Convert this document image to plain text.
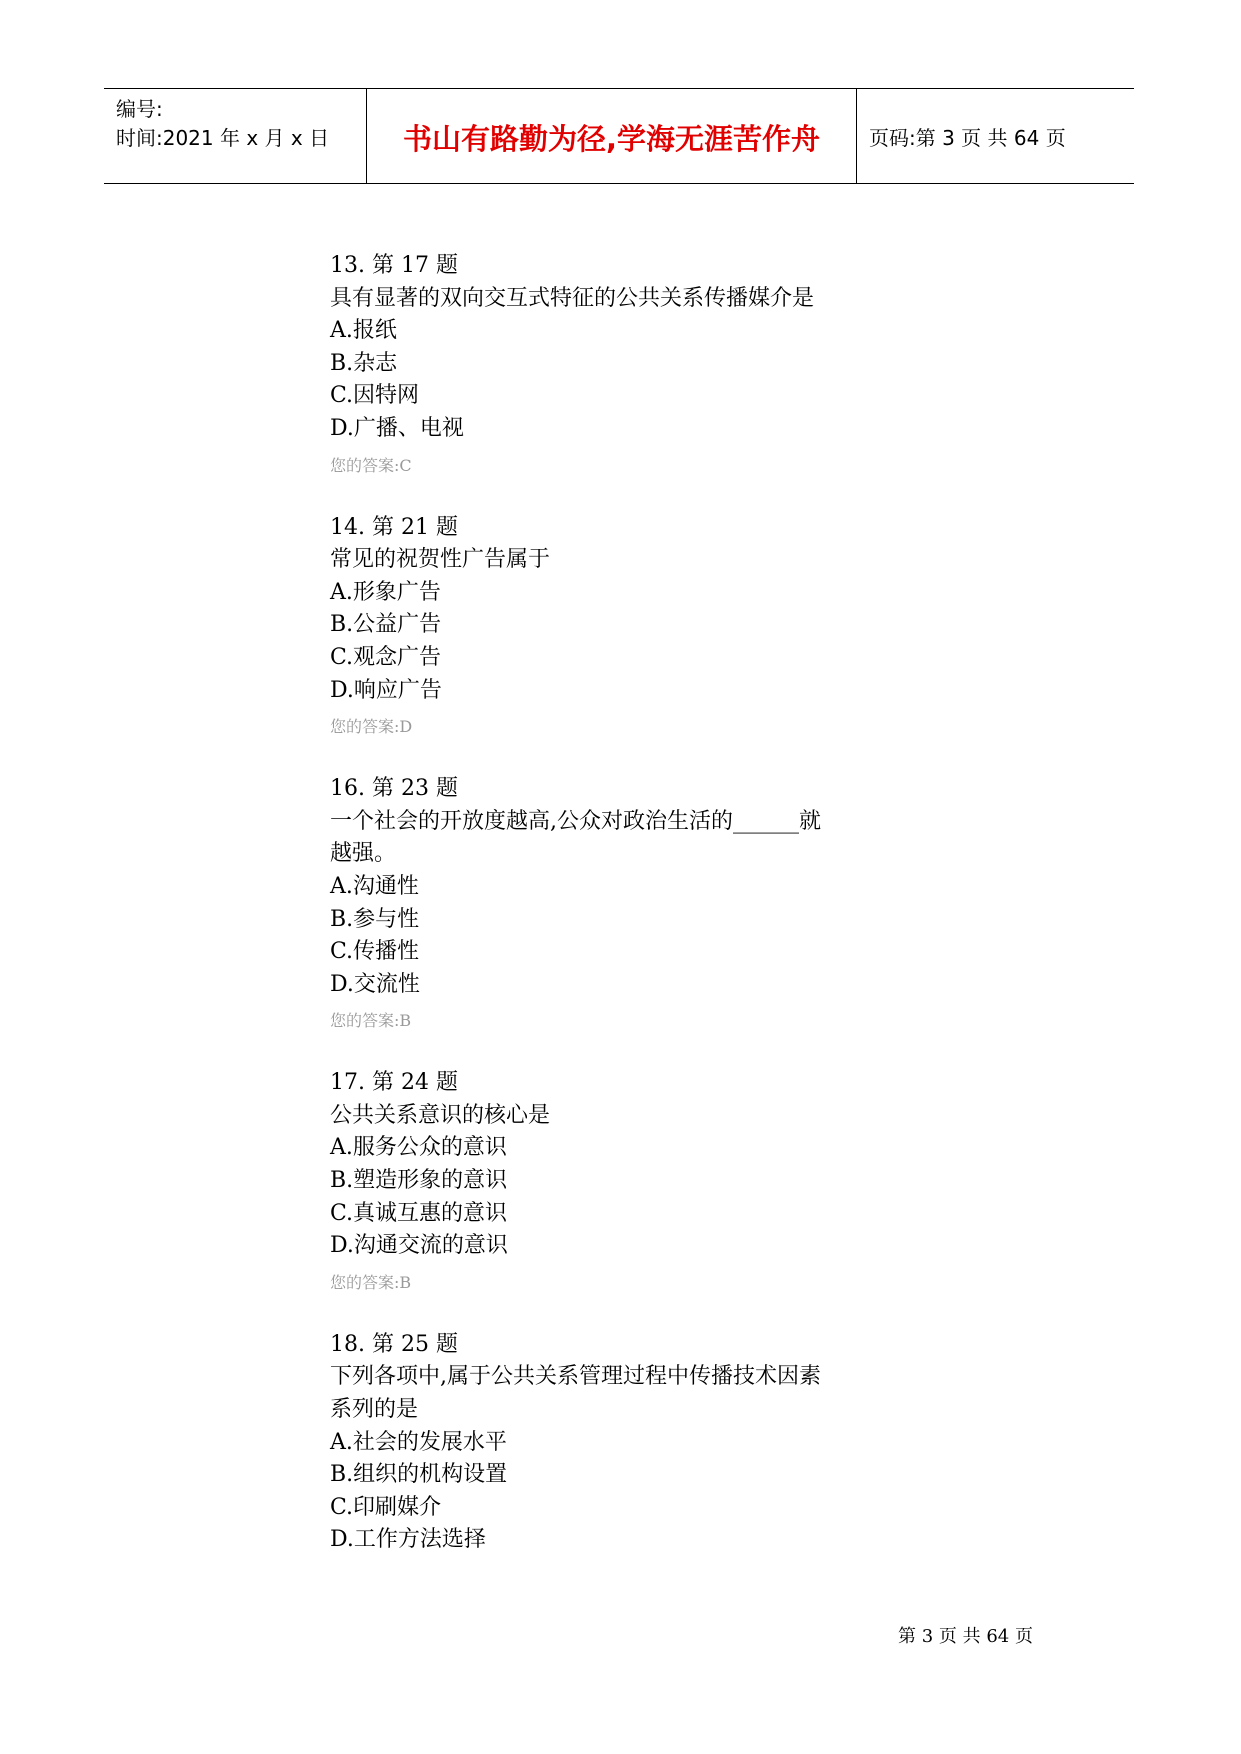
编号:
时间:2021 年 x 月 x 日	书山有路勤为径,学海无涯苦作舟	页码:第 3 页 共 64 页
13. 第 17 题
具有显著的双向交互式特征的公共关系传播媒介是
A.报纸
B.杂志
C.因特网
D.广播、电视
您的答案:C
14. 第 21 题
常见的祝贺性广告属于
A.形象广告
B.公益广告
C.观念广告
D.响应广告
您的答案:D
16. 第 23 题
一个社会的开放度越高,公众对政治生活的______就
越强。
A.沟通性
B.参与性
C.传播性
D.交流性
您的答案:B
17. 第 24 题
公共关系意识的核心是
A.服务公众的意识
B.塑造形象的意识
C.真诚互惠的意识
D.沟通交流的意识
您的答案:B
18. 第 25 题
下列各项中,属于公共关系管理过程中传播技术因素
系列的是
A.社会的发展水平
B.组织的机构设置
C.印刷媒介
D.工作方法选择
第 3 页 共 64 页
